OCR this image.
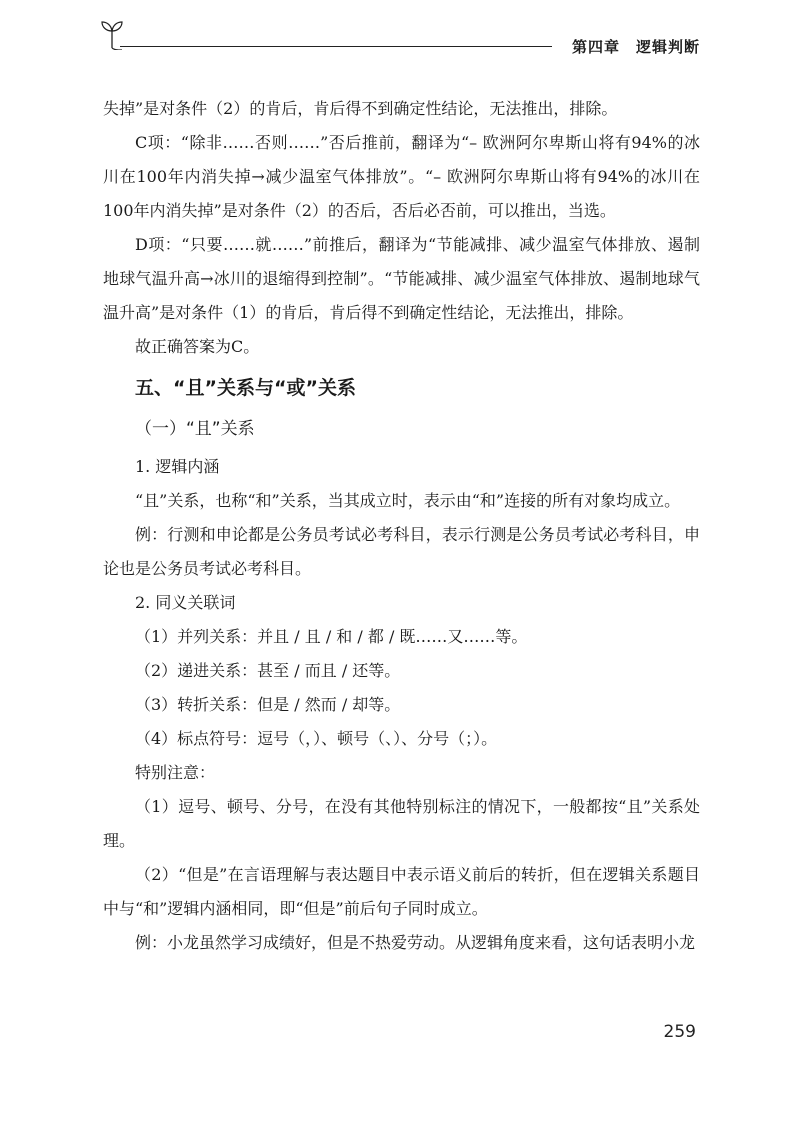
第四章　逻辑判断

失掉”是对条件（2）的肯后，肯后得不到确定性结论，无法推出，排除。

C项：“除非……否则……”否后推前，翻译为“– 欧洲阿尔卑斯山将有94%的冰川在100年内消失掉→减少温室气体排放”。“– 欧洲阿尔卑斯山将有94%的冰川在100年内消失掉”是对条件（2）的否后，否后必否前，可以推出，当选。

D项：“只要……就……”前推后，翻译为“节能减排、减少温室气体排放、遏制地球气温升高→冰川的退缩得到控制”。“节能减排、减少温室气体排放、遏制地球气温升高”是对条件（1）的肯后，肯后得不到确定性结论，无法推出，排除。

故正确答案为C。

五、“且”关系与“或”关系
（一）“且”关系

1. 逻辑内涵

“且”关系，也称“和”关系，当其成立时，表示由“和”连接的所有对象均成立。

例：行测和申论都是公务员考试必考科目，表示行测是公务员考试必考科目，申论也是公务员考试必考科目。

2. 同义关联词

（1）并列关系：并且 / 且 / 和 / 都 / 既……又……等。

（2）递进关系：甚至 / 而且 / 还等。

（3）转折关系：但是 / 然而 / 却等。

（4）标点符号：逗号（，）、顿号（、）、分号（；）。

特别注意：

（1）逗号、顿号、分号，在没有其他特别标注的情况下，一般都按“且”关系处理。

（2）“但是”在言语理解与表达题目中表示语义前后的转折，但在逻辑关系题目中与“和”逻辑内涵相同，即“但是”前后句子同时成立。

例：小龙虽然学习成绩好，但是不热爱劳动。从逻辑角度来看，这句话表明小龙

259
